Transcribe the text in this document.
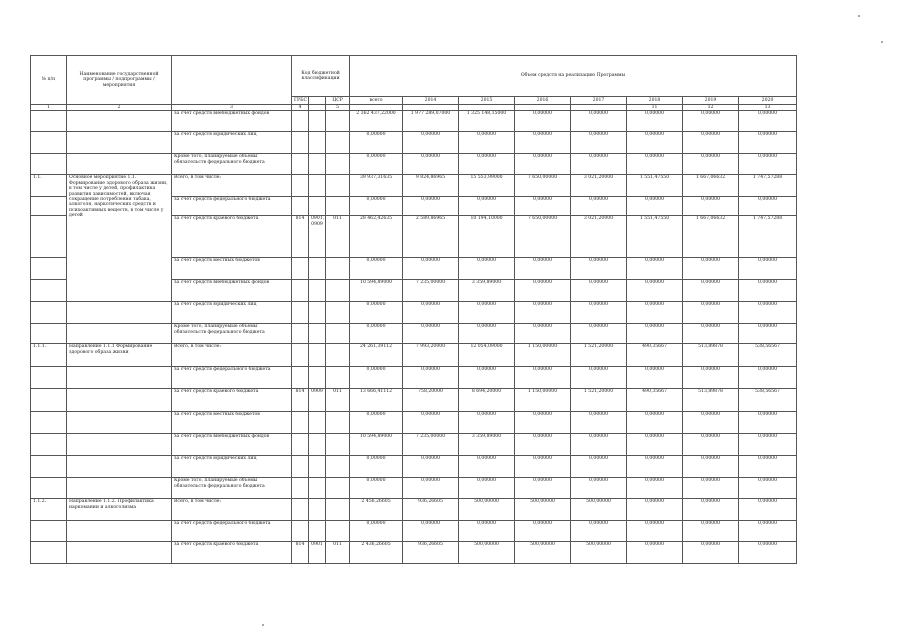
№ п/п	Наименование государственной программы / подпрограммы / мероприятия		Код бюджетной классификации			Объем средств на реализацию Программы							
			ГРБС		ЦСР	всего	2014	2015	2016	2017	2018	2019	2020
1	2	3	4		5						11	12	13
		за счет средств внебюджетных фондов				2 362 437,22000	1 977 289,07000	1 325 148,15000	0,00000	0,00000	0,00000	0,00000	0,00000
		за счет средств юридических лиц				0,00000	0,00000	0,00000	0,00000	0,00000	0,00000	0,00000	0,00000
		Кроме того, планируемые объемы обязательств федерального бюджета				0,00000	0,00000	0,00000	0,00000	0,00000	0,00000	0,00000	0,00000
1.1.	Основное мероприятие 1.1. Формирование здорового образа жизни, в том числе у детей, профилактика развития зависимостей, включая сокращение потребления табака, алкоголя, наркотических средств и психоактивных веществ, в том числе у детей	Всего, в том числе:				39 937,31635	9 824,86965	15 553,99000	7 650,00000	3 021,20000	1 551,47550	1 667,06632	1 747,57288
		за счет средств федерального бюджета				0,00000	0,00000	0,00000	0,00000	0,00000	0,00000	0,00000	0,00000
		за счет средств краевого бюджета	814	0901, 0909	011	28 462,42635	2 589,86965	10 194,10000	7 650,00000	3 021,20000	1 551,47550	1 667,06632	1 747,57288
		за счет средств местных бюджетов				0,00000	0,00000	0,00000	0,00000	0,00000	0,00000	0,00000	0,00000
		за счет средств внебюджетных фондов				10 594,89000	7 235,00000	3 359,89000	0,00000	0,00000	0,00000	0,00000	0,00000
		за счет средств юридических лиц				0,00000	0,00000	0,00000	0,00000	0,00000	0,00000	0,00000	0,00000
		Кроме того, планируемые объемы обязательств федерального бюджета				0,00000	0,00000	0,00000	0,00000	0,00000	0,00000	0,00000	0,00000
1.1.1.	Направление 1.1.1 Формирование здорового образа жизни	Всего, в том числе:				24 261,39112	7 993,20000	12 054,09000	1 150,00000	1 521,20000	490,35667	513,89878	538,56567
		за счет средств федерального бюджета				0,00000	0,00000	0,00000	0,00000	0,00000	0,00000	0,00000	0,00000
		за счет средств краевого бюджета	814	0909	011	13 666,41112	758,20000	8 694,20000	1 150,00000	1 521,20000	490,35667	513,89878	538,56567
		за счет средств местных бюджетов				0,00000	0,00000	0,00000	0,00000	0,00000	0,00000	0,00000	0,00000
		за счет средств внебюджетных фондов				10 594,89000	7 235,00000	3 359,89000	0,00000	0,00000	0,00000	0,00000	0,00000
		за счет средств юридических лиц				0,00000	0,00000	0,00000	0,00000	0,00000	0,00000	0,00000	0,00000
		Кроме того, планируемые объемы обязательств федерального бюджета				0,00000	0,00000	0,00000	0,00000	0,00000	0,00000	0,00000	0,00000
1.1.2.	Направление 1.1.2. Профилактика наркомании и алкоголизма	Всего, в том числе:				2 456,26605	936,26605	500,00000	500,00000	500,00000	0,00000	0,00000	0,00000
		за счет средств федерального бюджета				0,00000	0,00000	0,00000	0,00000	0,00000	0,00000	0,00000	0,00000
		за счет средств краевого бюджета	814	0901	011	2 436,26605	936,26605	500,00000	500,00000	500,00000	0,00000	0,00000	0,00000
